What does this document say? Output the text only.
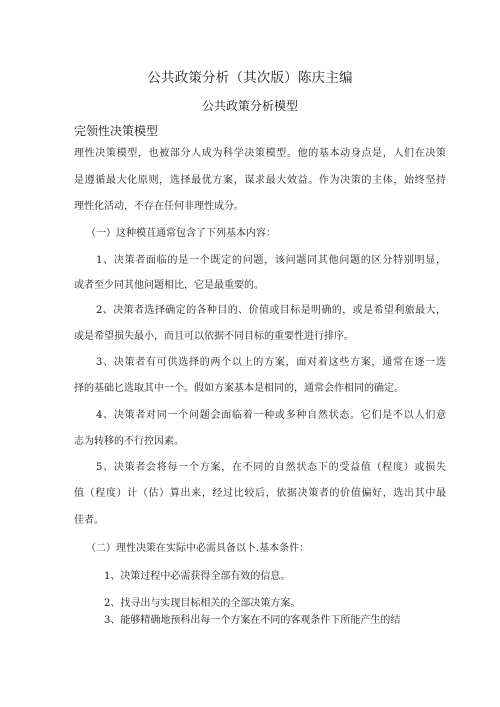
公共政策分析（其次版）陈庆主编
公共政策分析模型
完领性决策模型
理性决策模型，也被部分人成为科学决策模型。他的基本动身点是，人们在决策
是遵循最大化原则，选择最优方案，谋求最大效益。作为决策的主体，始终坚持
理性化活动，不存在任何非理性成分。
（一）这种模苴通常包含了下列基本内容：
1、决策者面临的是一个既定的问题，该问题同其他问题的区分特别明显，
或者至少同其他问题相比，它是最重要的。
2、决策者选择确定的各种目的、价值或目标是明确的，或是希望利旅最大，
或是希望损失最小，而且可以依据不同目标的重要性进行排序。
3、决策者有可供选择的两个以上的方案，面对着这些方案，通常在逐一选
择的基础匕选取其中一个。假如方案基本是相同的，通常会作相同的确定。
4、决策者对同一个问题会面临着一种或多种自然状态。它们是不以人们意
志为转移的不行控因素。
5、决策者会将每一个方案，在不同的自然状态下的受益值（程度）或损失
值（程度）计（估）算出来，经过比较后，依据决策者的价值偏好，选出其中最
佳者。
（二）理性决策在实际中必需具备以卜.基本条件：
1、决策过程中必需获得全部有效的信息。
2、找寻出与实现目标相关的全部决策方案。
3、能够精确地预科出每一个方案在不同的客观条件下所能产生的结
